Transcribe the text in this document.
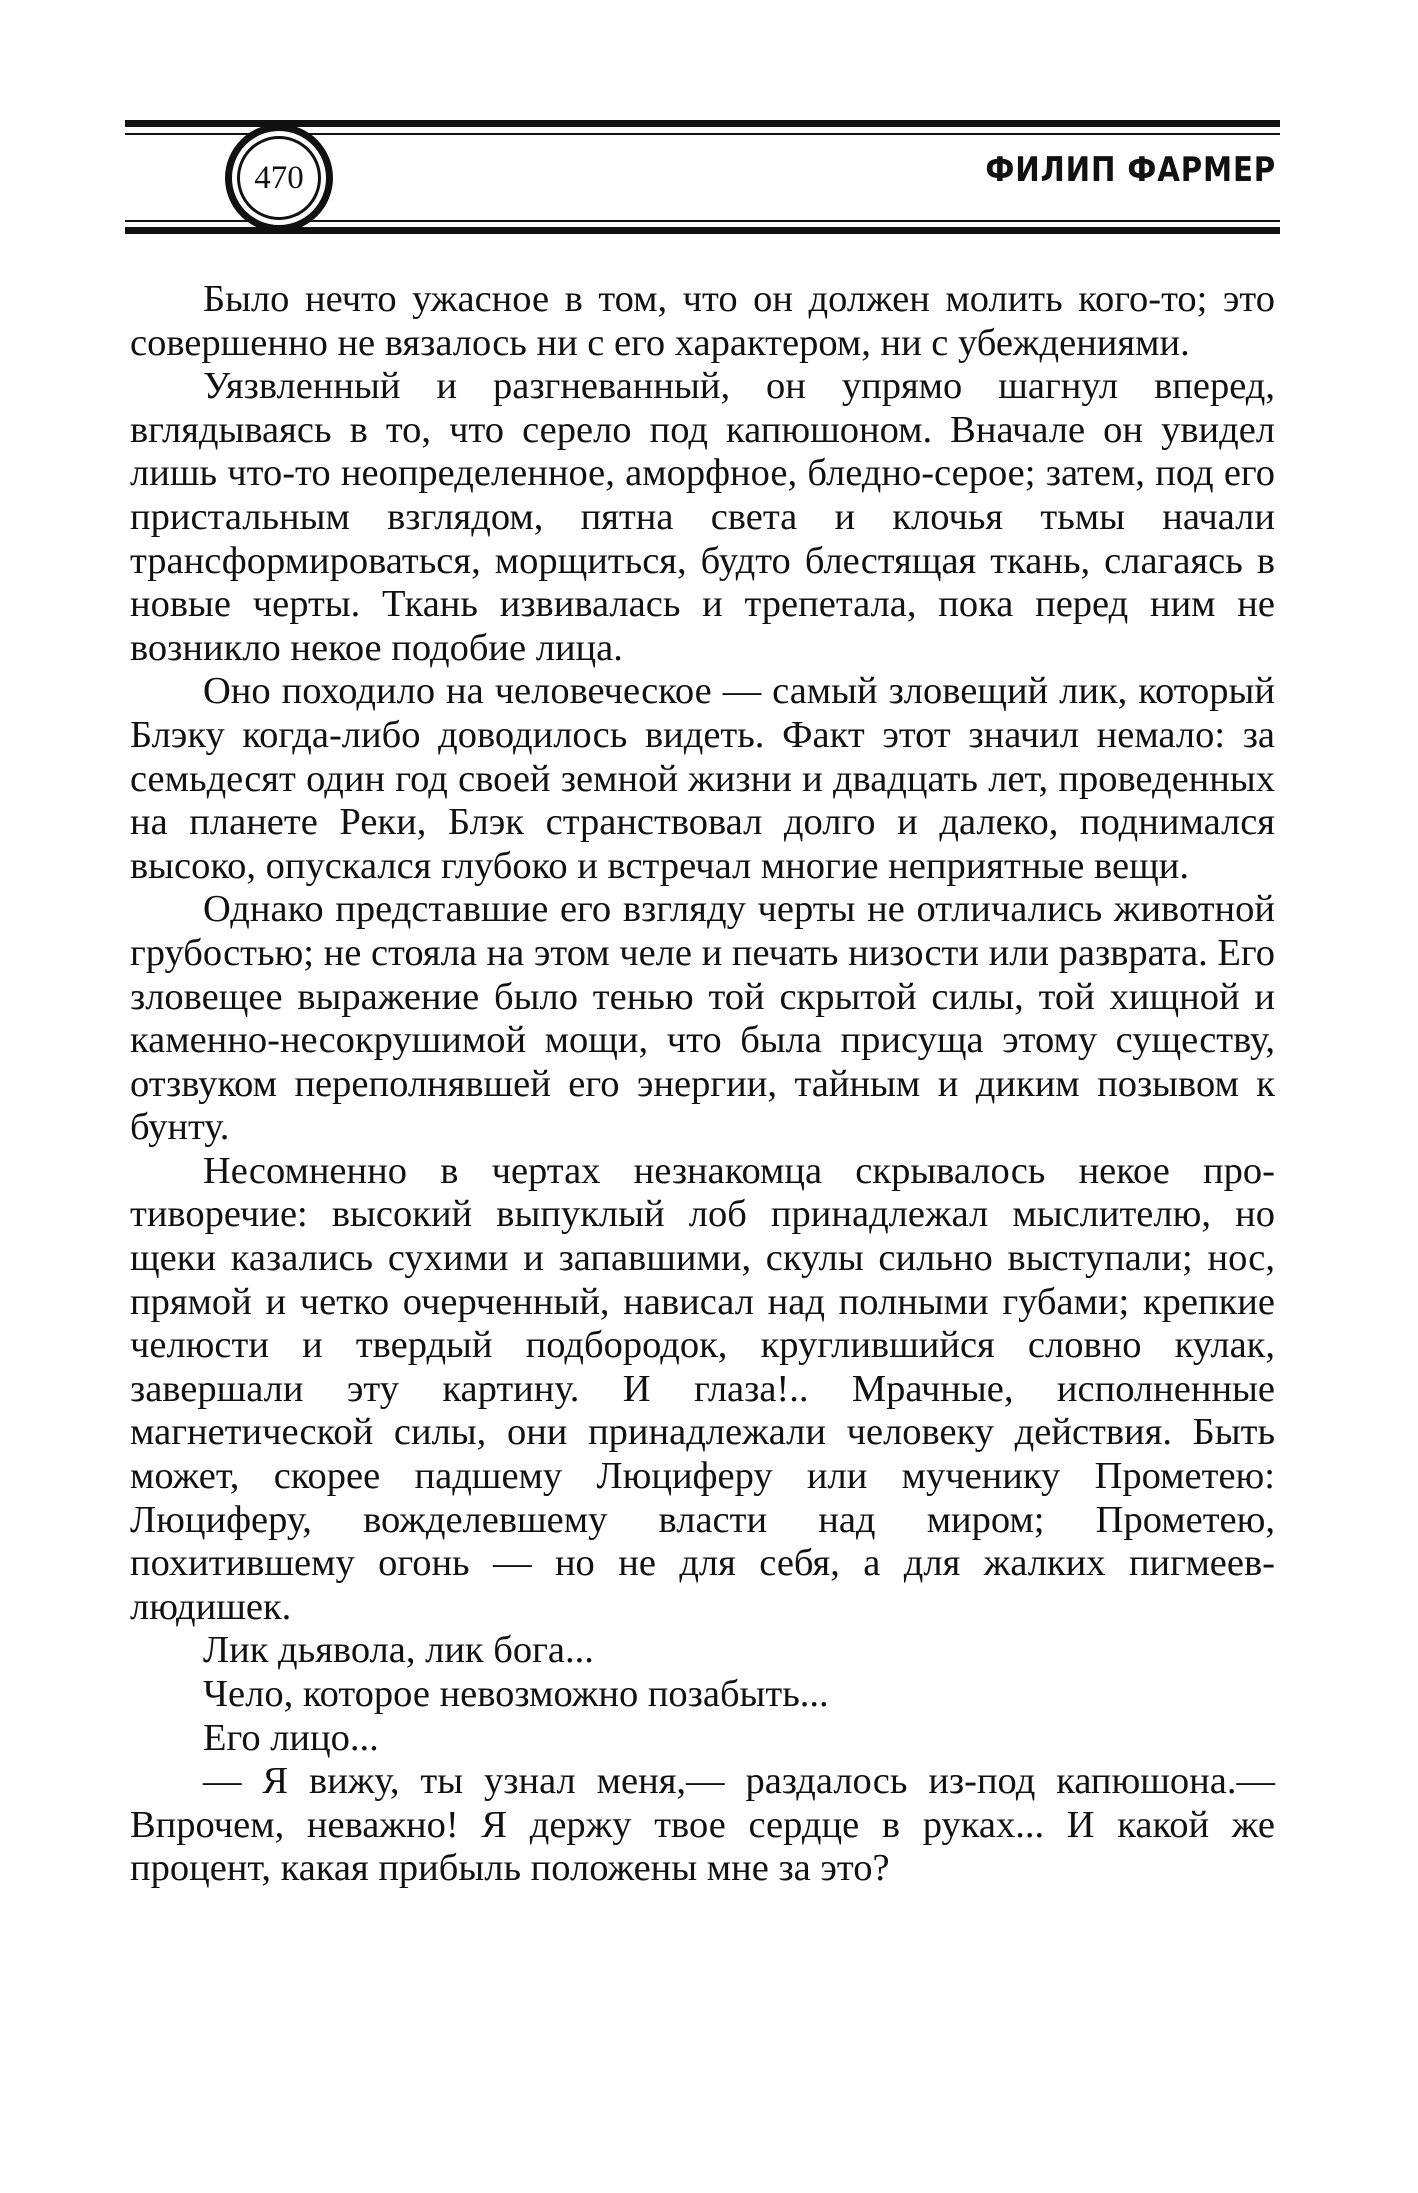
470	ФИЛИП ФАРМЕР

Было нечто ужасное в том, что он должен молить кого-то; это совершенно не вязалось ни с его характером, ни с убеждениями.

Уязвленный и разгневанный, он упрямо шагнул вперед, вглядываясь в то, что серело под капюшоном. Вначале он увидел лишь что-то неопределенное, аморфное, бледно-серое; затем, под его пристальным взглядом, пятна света и клочья тьмы начали трансформироваться, морщиться, будто блестящая ткань, слагаясь в новые черты. Ткань извивалась и трепетала, пока перед ним не возникло некое подобие лица.

Оно походило на человеческое — самый зловещий лик, который Блэку когда-либо доводилось видеть. Факт этот значил немало: за семьдесят один год своей земной жизни и двадцать лет, проведенных на планете Реки, Блэк странствовал долго и далеко, поднимался высоко, опускался глубоко и встречал многие неприятные вещи.

Однако представшие его взгляду черты не отличались животной грубостью; не стояла на этом челе и печать низости или разврата. Его зловещее выражение было тенью той скрытой силы, той хищной и каменно-несокрушимой мощи, что была присуща этому существу, отзвуком переполнявшей его энергии, тайным и диким позывом к бунту.

Несомненно в чертах незнакомца скрывалось некое противоречие: высокий выпуклый лоб принадлежал мыслителю, но щеки казались сухими и запавшими, скулы сильно выступали; нос, прямой и четко очерченный, нависал над полными губами; крепкие челюсти и твердый подбородок, круглившийся словно кулак, завершали эту картину. И глаза!.. Мрачные, исполненные магнетической силы, они принадлежали человеку действия. Быть может, скорее падшему Люциферу или мученику Прометею: Люциферу, вожделевшему власти над миром; Прометею, похитившему огонь — но не для себя, а для жалких пигмеев-людишек.

Лик дьявола, лик бога...

Чело, которое невозможно позабыть...

Его лицо...

— Я вижу, ты узнал меня,— раздалось из-под капюшона.— Впрочем, неважно! Я держу твое сердце в руках... И какой же процент, какая прибыль положены мне за это?
